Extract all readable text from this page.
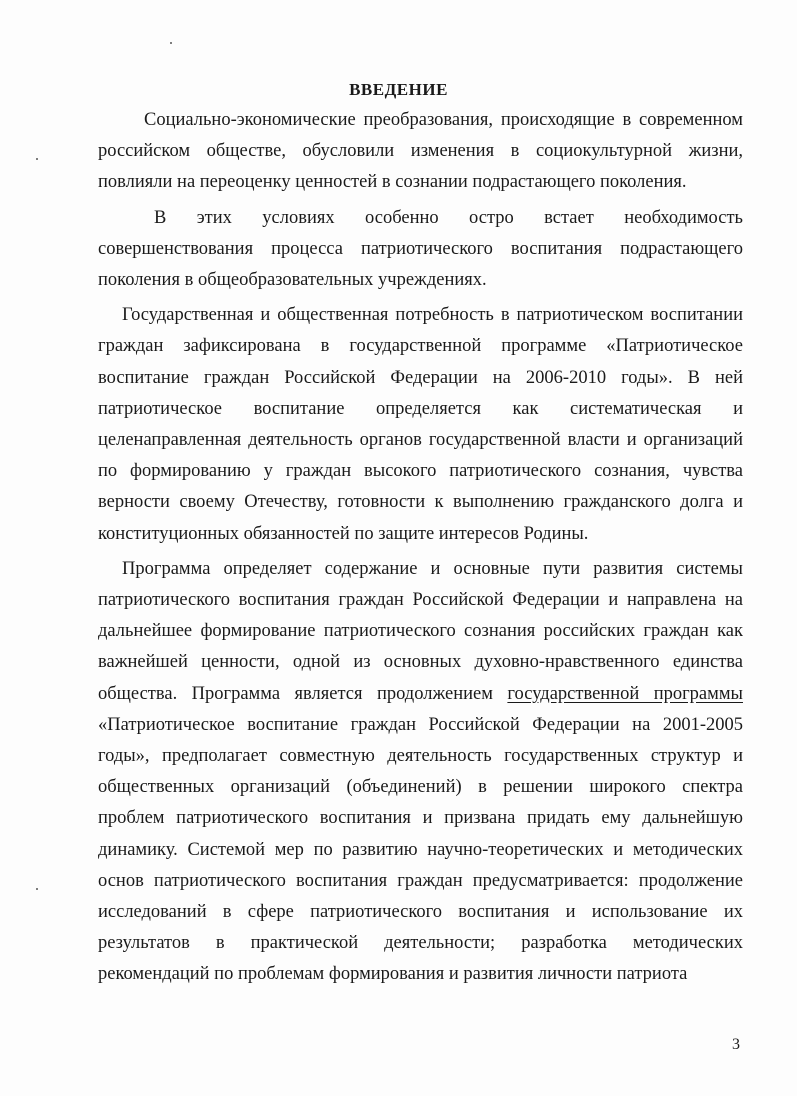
ВВЕДЕНИЕ

Социально-экономические преобразования, происходящие в современном российском обществе, обусловили изменения в социокультурной жизни, повлияли на переоценку ценностей в сознании подрастающего поколения.

В этих условиях особенно остро встает необходимость совершенствования процесса патриотического воспитания подрастающего поколения в общеобразовательных учреждениях.

Государственная и общественная потребность в патриотическом воспитании граждан зафиксирована в государственной программе «Патриотическое воспитание граждан Российской Федерации на 2006-2010 годы». В ней патриотическое воспитание определяется как систематическая и целенаправленная деятельность органов государственной власти и организаций по формированию у граждан высокого патриотического сознания, чувства верности своему Отечеству, готовности к выполнению гражданского долга и конституционных обязанностей по защите интересов Родины.

Программа определяет содержание и основные пути развития системы патриотического воспитания граждан Российской Федерации и направлена на дальнейшее формирование патриотического сознания российских граждан как важнейшей ценности, одной из основных духовно-нравственного единства общества. Программа является продолжением государственной программы «Патриотическое воспитание граждан Российской Федерации на 2001-2005 годы», предполагает совместную деятельность государственных структур и общественных организаций (объединений) в решении широкого спектра проблем патриотического воспитания и призвана придать ему дальнейшую динамику. Системой мер по развитию научно-теоретических и методических основ патриотического воспитания граждан предусматривается: продолжение исследований в сфере патриотического воспитания и использование их результатов в практической деятельности; разработка методических рекомендаций по проблемам формирования и развития личности патриота

3
